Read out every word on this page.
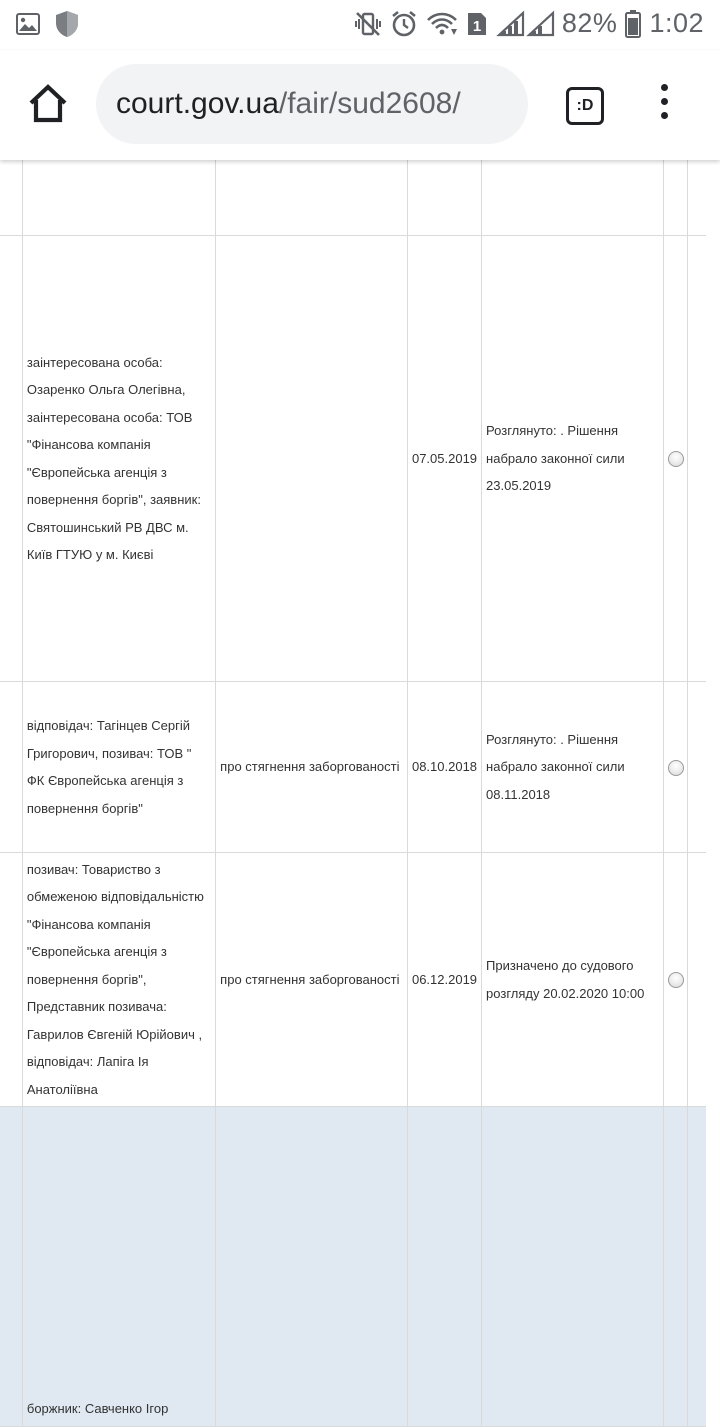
1	82% 1:02
court.gov.ua /fair/sud2608/	:D

	заінтересована особа: Озаренко Ольга Олегівна, заінтересована особа: ТОВ "Фінансова компанія "Європейська агенція з повернення боргів", заявник: Святошинський РВ ДВС м. Київ ГТУЮ у м. Києві		07.05.2019	Розглянуто: . Рішення набрало законної сили 23.05.2019		

	відповідач: Тагінцев Сергій Григорович, позивач: ТОВ " ФК Європейська агенція з повернення боргів"	про стягнення заборгованості	08.10.2018	Розглянуто: . Рішення набрало законної сили 08.11.2018		

	позивач: Товариство з обмеженою відповідальністю "Фінансова компанія "Європейська агенція з повернення боргів", Представник позивача: Гаврилов Євгеній Юрійович , відповідач: Лапіга Ія Анатоліївна	про стягнення заборгованості	06.12.2019	Призначено до судового розгляду 20.02.2020 10:00		

	боржник: Савченко Ігор					
